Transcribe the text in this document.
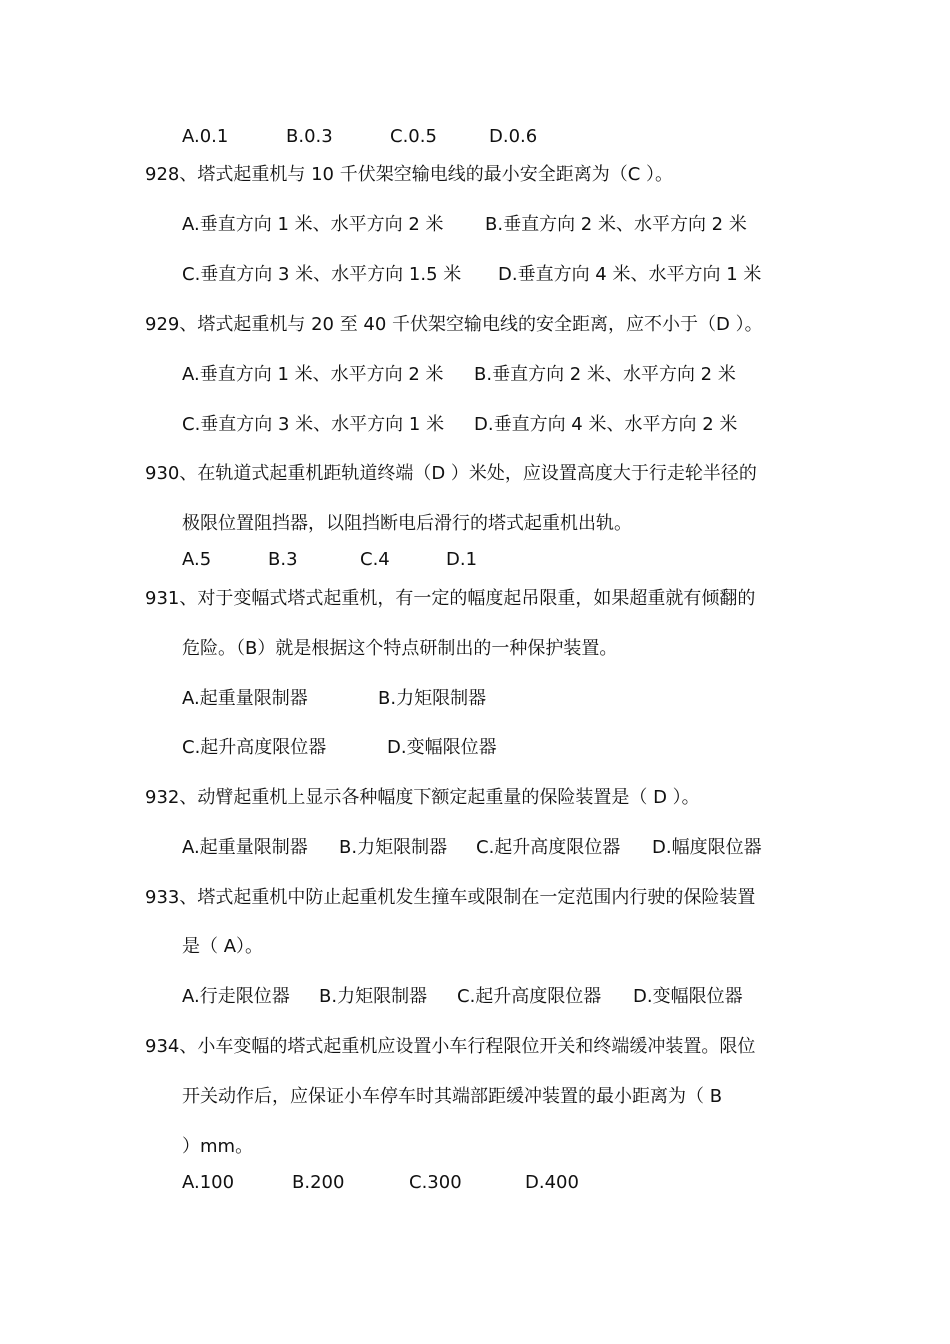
A.0.1	B.0.3	C.0.5	D.0.6
928、塔式起重机与 10 千伏架空输电线的最小安全距离为（C ）。
A.垂直方向 1 米、水平方向 2 米 B.垂直方向 2 米、水平方向 2 米
C.垂直方向 3 米、水平方向 1.5 米 D.垂直方向 4 米、水平方向 1 米
929、塔式起重机与 20 至 40 千伏架空输电线的安全距离，应不小于（D ）。
A.垂直方向 1 米、水平方向 2 米 B.垂直方向 2 米、水平方向 2 米
C.垂直方向 3 米、水平方向 1 米 D.垂直方向 4 米、水平方向 2 米
930、在轨道式起重机距轨道终端（D ）米处，应设置高度大于行走轮半径的
极限位置阻挡器，以阻挡断电后滑行的塔式起重机出轨。
A.5	B.3	C.4	D.1
931、对于变幅式塔式起重机，有一定的幅度起吊限重，如果超重就有倾翻的
危险。（B）就是根据这个特点研制出的一种保护装置。
A.起重量限制器	B.力矩限制器
C.起升高度限位器	D.变幅限位器
932、动臂起重机上显示各种幅度下额定起重量的保险装置是（ D ）。
A.起重量限制器 B.力矩限制器 C.起升高度限位器 D.幅度限位器
933、塔式起重机中防止起重机发生撞车或限制在一定范围内行驶的保险装置
是（ A）。
A.行走限位器 B.力矩限制器 C.起升高度限位器 D.变幅限位器
934、小车变幅的塔式起重机应设置小车行程限位开关和终端缓冲装置。限位
开关动作后，应保证小车停车时其端部距缓冲装置的最小距离为（ B
）mm。
A.100	B.200	C.300	D.400
